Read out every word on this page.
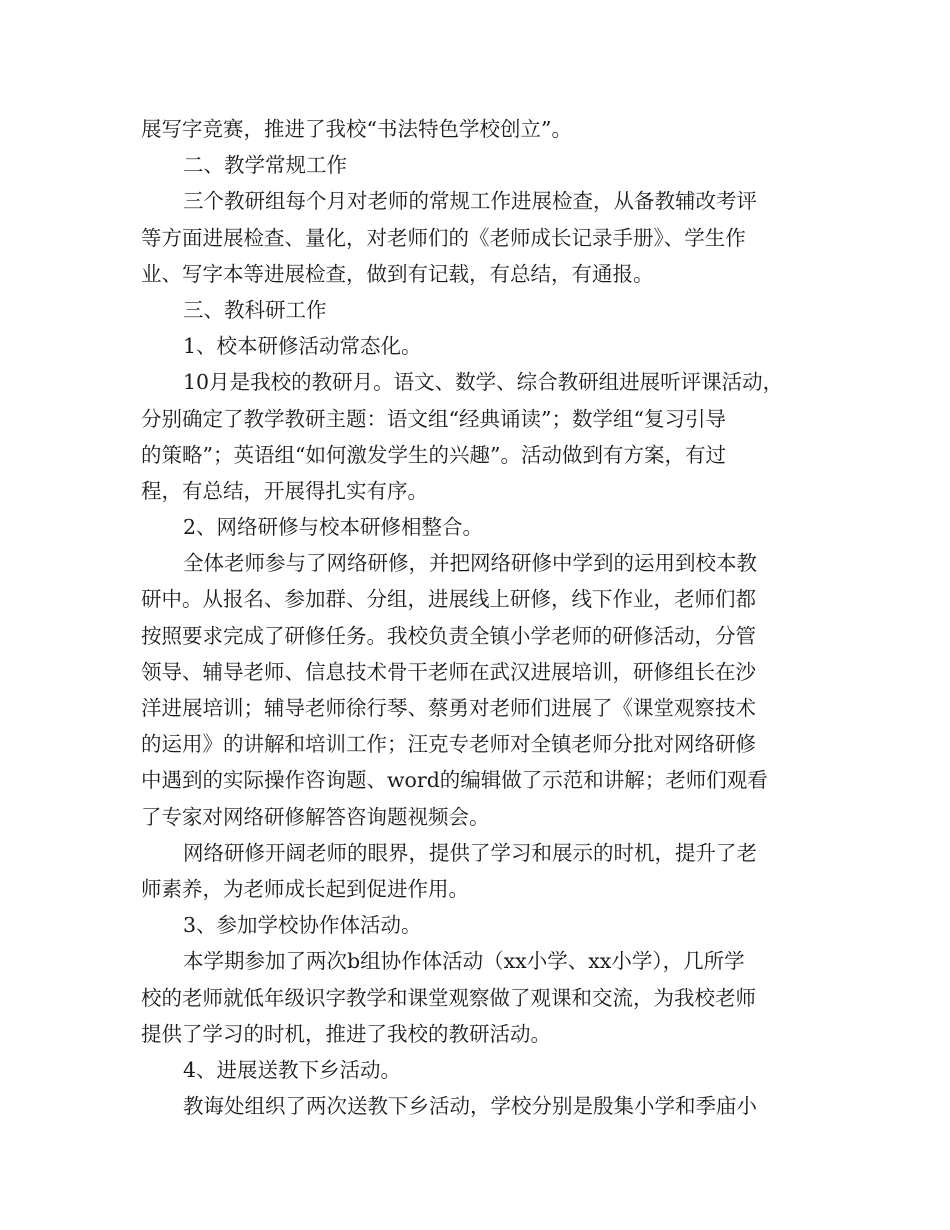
展写字竞赛，推进了我校“书法特色学校创立”。
二、教学常规工作
三个教研组每个月对老师的常规工作进展检查，从备教辅改考评
等方面进展检查、量化，对老师们的《老师成长记录手册》、学生作
业、写字本等进展检查，做到有记载，有总结，有通报。
三、教科研工作
1、校本研修活动常态化。
10月是我校的教研月。语文、数学、综合教研组进展听评课活动，
分别确定了教学教研主题：语文组“经典诵读”；数学组“复习引导
的策略”；英语组“如何激发学生的兴趣”。活动做到有方案，有过
程，有总结，开展得扎实有序。
2、网络研修与校本研修相整合。
全体老师参与了网络研修，并把网络研修中学到的运用到校本教
研中。从报名、参加群、分组，进展线上研修，线下作业，老师们都
按照要求完成了研修任务。我校负责全镇小学老师的研修活动，分管
领导、辅导老师、信息技术骨干老师在武汉进展培训，研修组长在沙
洋进展培训；辅导老师徐行琴、蔡勇对老师们进展了《课堂观察技术
的运用》的讲解和培训工作；汪克专老师对全镇老师分批对网络研修
中遇到的实际操作咨询题、word的编辑做了示范和讲解；老师们观看
了专家对网络研修解答咨询题视频会。
网络研修开阔老师的眼界，提供了学习和展示的时机，提升了老
师素养，为老师成长起到促进作用。
3、参加学校协作体活动。
本学期参加了两次b组协作体活动（xx小学、xx小学），几所学
校的老师就低年级识字教学和课堂观察做了观课和交流，为我校老师
提供了学习的时机，推进了我校的教研活动。
4、进展送教下乡活动。
教诲处组织了两次送教下乡活动，学校分别是殷集小学和季庙小
